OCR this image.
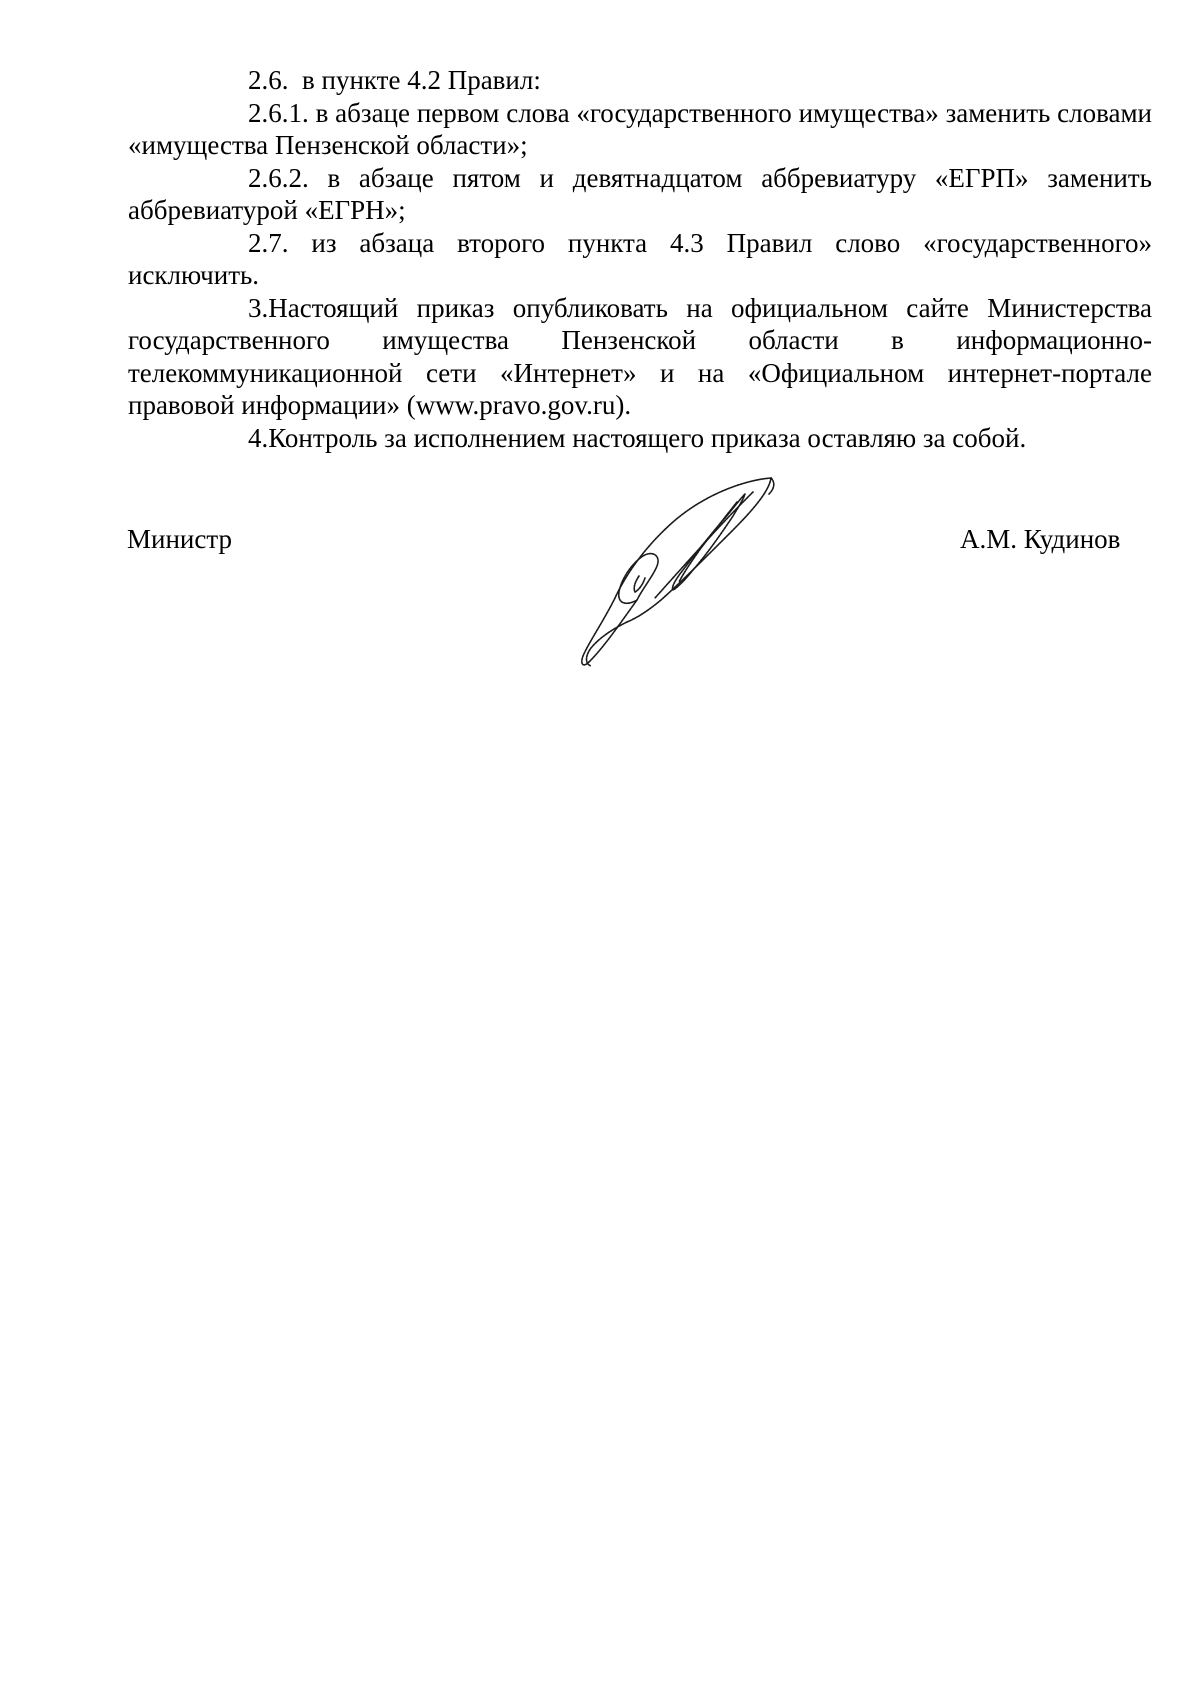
2.6. в пункте 4.2 Правил:

2.6.1. в абзаце первом слова «государственного имущества» заменить словами «имущества Пензенской области»;

2.6.2. в абзаце пятом и девятнадцатом аббревиатуру «ЕГРП» заменить аббревиатурой «ЕГРН»;

2.7. из абзаца второго пункта 4.3 Правил слово «государственного» исключить.

3.Настоящий приказ опубликовать на официальном сайте Министерства государственного имущества Пензенской области в информационно-телекоммуникационной сети «Интернет» и на «Официальном интернет-портале правовой информации» (www.pravo.gov.ru).

4.Контроль за исполнением настоящего приказа оставляю за собой.

Министр	А.М. Кудинов
